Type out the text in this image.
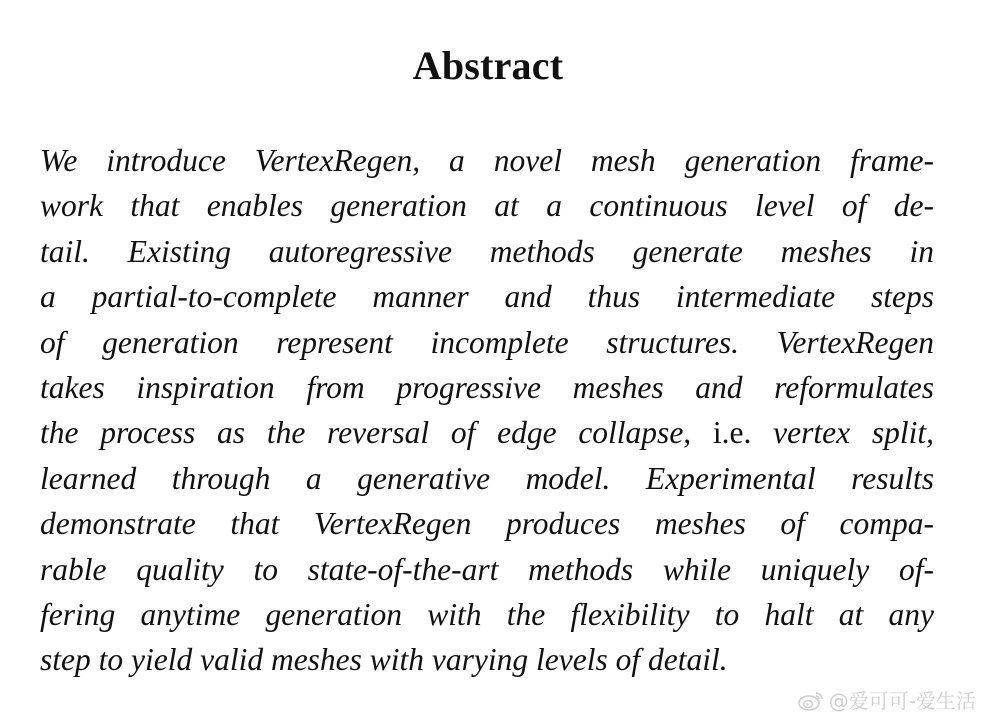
Abstract
We introduce VertexRegen, a novel mesh generation frame-
work that enables generation at a continuous level of de-
tail. Existing autoregressive methods generate meshes in
a partial-to-complete manner and thus intermediate steps
of generation represent incomplete structures. VertexRegen
takes inspiration from progressive meshes and reformulates
the process as the reversal of edge collapse, i.e. vertex split,
learned through a generative model. Experimental results
demonstrate that VertexRegen produces meshes of compa-
rable quality to state-of-the-art methods while uniquely of-
fering anytime generation with the flexibility to halt at any
step to yield valid meshes with varying levels of detail.
@爱可可-爱生活
